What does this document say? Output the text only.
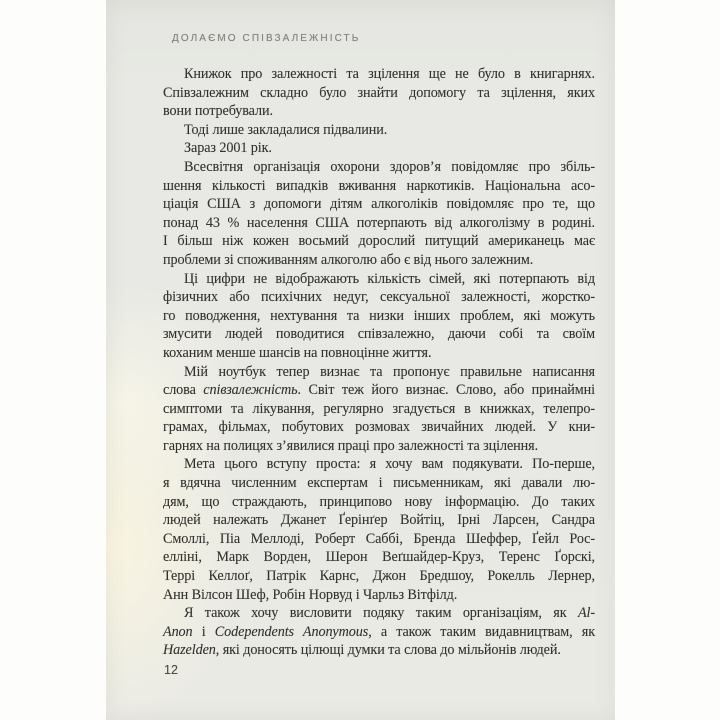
ДОЛАЄМО СПІВЗАЛЕЖНІСТЬ
Книжок про залежності та зцілення ще не було в книгарнях.
Співзалежним складно було знайти допомогу та зцілення, яких
вони потребували.
Тоді лише закладалися підвалини.
Зараз 2001 рік.
Всесвітня організація охорони здоров’я повідомляє про збіль-
шення кількості випадків вживання наркотиків. Національна асо-
ціація США з допомоги дітям алкоголіків повідомляє про те, що
понад 43 % населення США потерпають від алкоголізму в родині.
І більш ніж кожен восьмий дорослий питущий американець має
проблеми зі споживанням алкоголю або є від нього залежним.
Ці цифри не відображають кількість сімей, які потерпають від
фізичних або психічних недуг, сексуальної залежності, жорстко-
го поводження, нехтування та низки інших проблем, які можуть
змусити людей поводитися співзалежно, даючи собі та своїм
коханим менше шансів на повноцінне життя.
Мій ноутбук тепер визнає та пропонує правильне написання
слова співзалежність. Світ теж його визнає. Слово, або принаймні
симптоми та лікування, регулярно згадується в книжках, телепро-
грамах, фільмах, побутових розмовах звичайних людей. У кни-
гарнях на полицях з’явилися праці про залежності та зцілення.
Мета цього вступу проста: я хочу вам подякувати. По-перше,
я вдячна численним експертам і письменникам, які давали лю-
дям, що страждають, принципово нову інформацію. До таких
людей належать Джанет Ґерінґер Войтіц, Ірні Ларсен, Сандра
Смоллі, Піа Меллоді, Роберт Саббі, Бренда Шеффер, Ґейл Рос-
елліні, Марк Ворден, Шерон Веґшайдер-Круз, Теренс Ґорскі,
Террі Келлоґ, Патрік Карнс, Джон Бредшоу, Рокелль Лернер,
Анн Вілсон Шеф, Робін Норвуд і Чарльз Вітфілд.
Я також хочу висловити подяку таким організаціям, як Al-
Anon і Codependents Anonymous, а також таким видавництвам, як
Hazelden, які доносять цілющі думки та слова до мільйонів людей.
12
